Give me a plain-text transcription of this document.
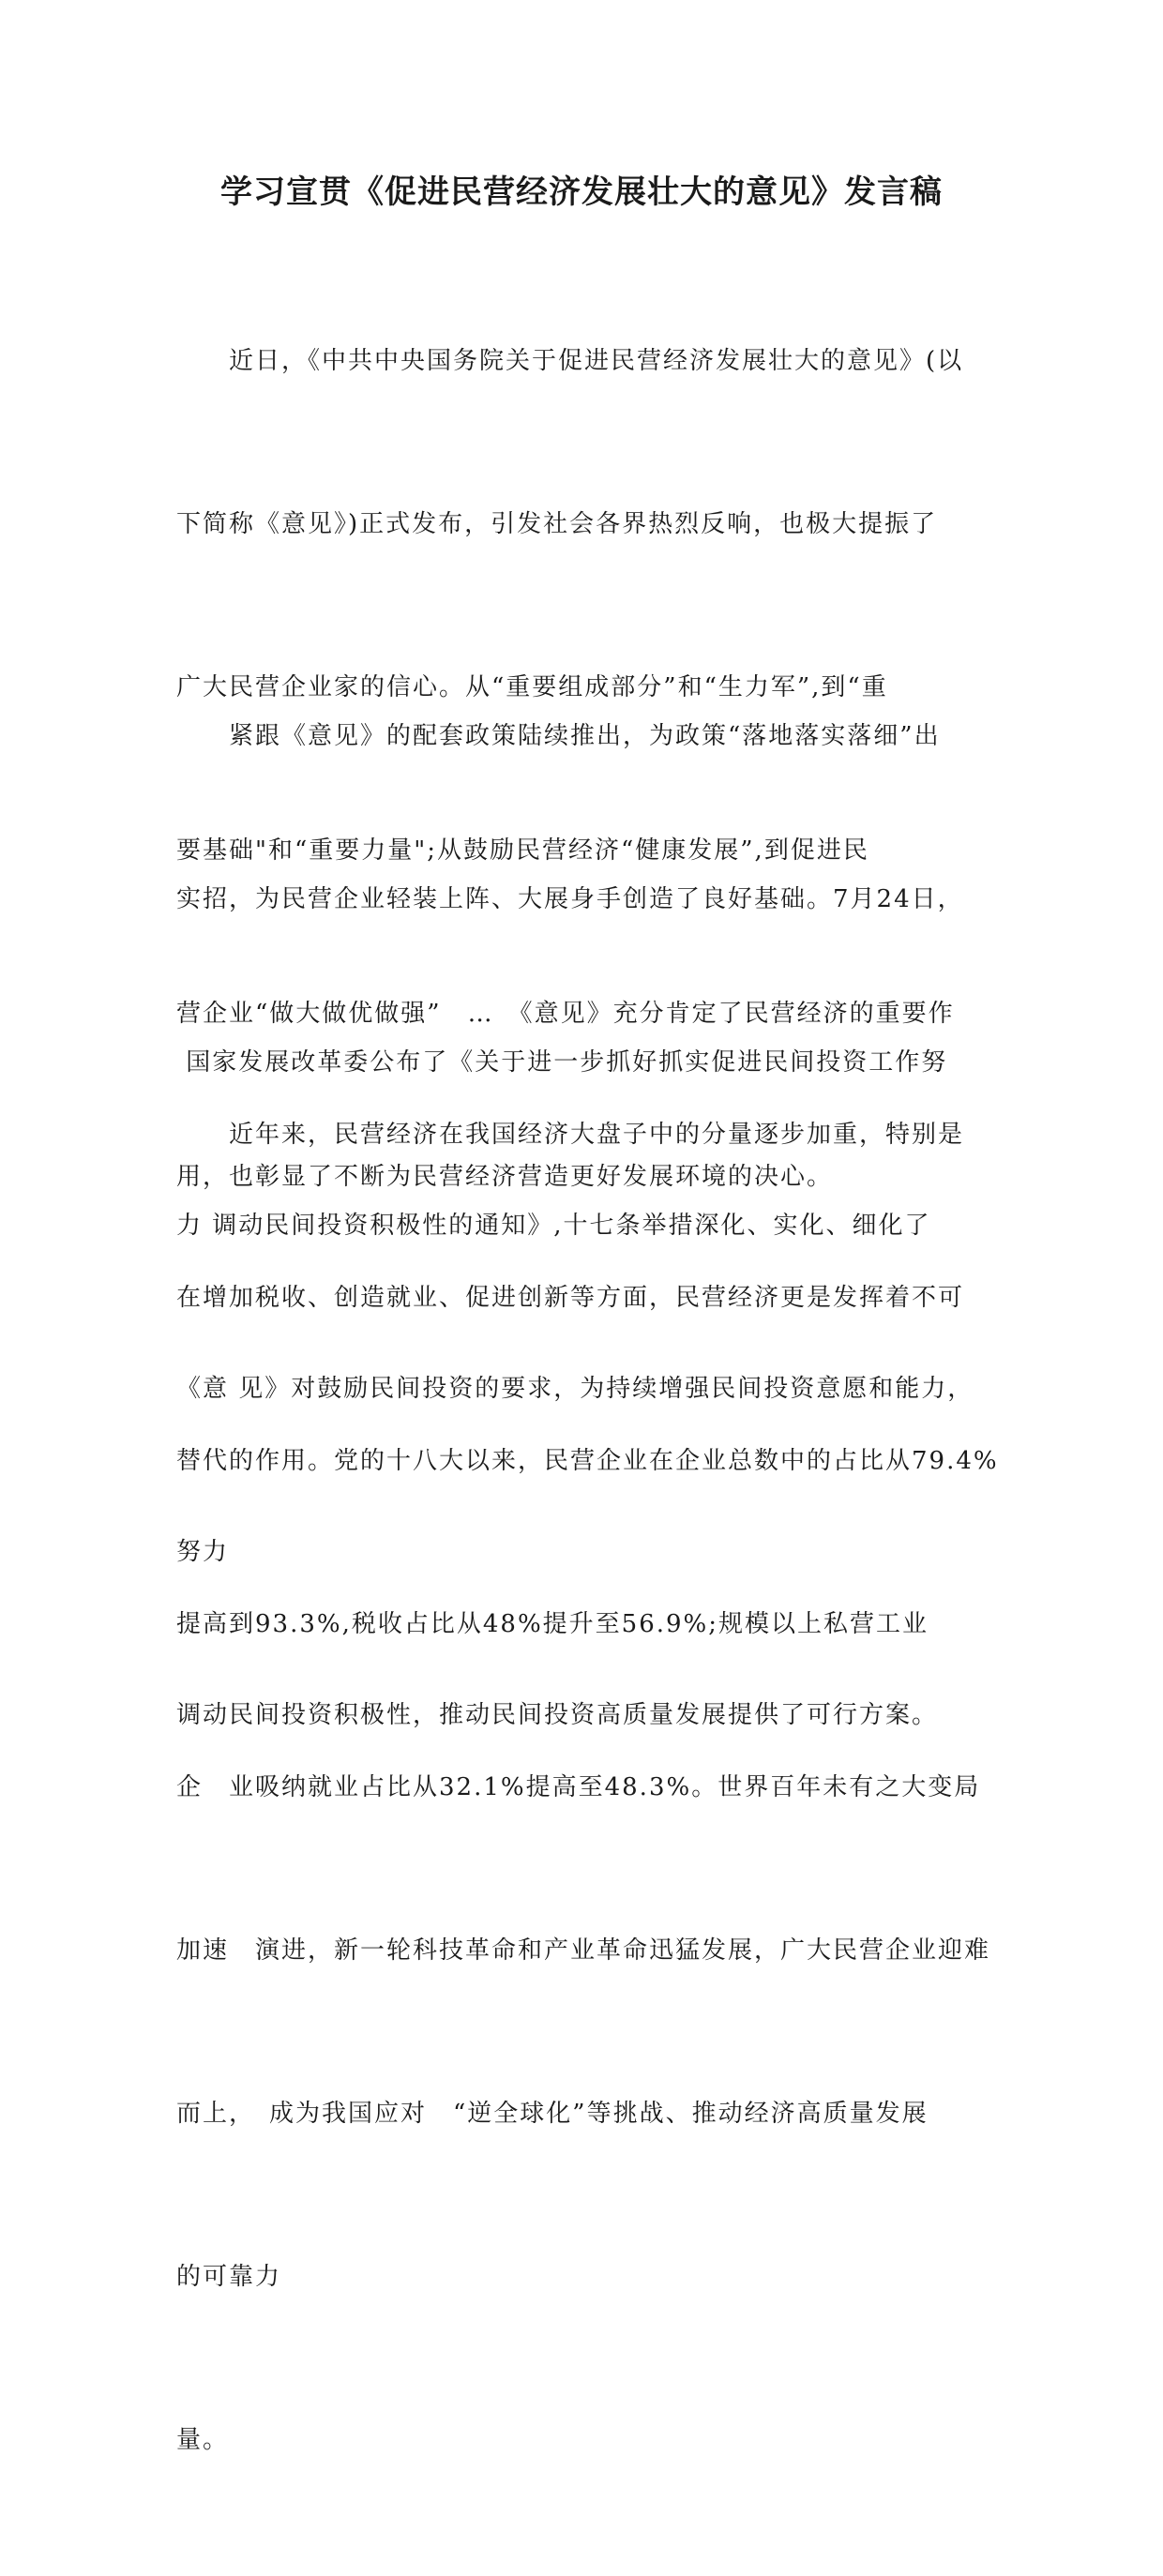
学习宣贯《促进民营经济发展壮大的意见》发言稿

　　近日，《中共中央国务院关于促进民营经济发展壮大的意见》(以

下简称《意见》)正式发布，引发社会各界热烈反响，也极大提振了

广大民营企业家的信心。从“重要组成部分”和“生力军”,到“重

要基础"和“重要力量";从鼓励民营经济“健康发展”,到促进民

营企业“做大做优做强”　…　《意见》充分肯定了民营经济的重要作

用，也彰显了不断为民营经济营造更好发展环境的决心。

　　紧跟《意见》的配套政策陆续推出，为政策“落地落实落细”出

实招，为民营企业轻装上阵、大展身手创造了良好基础。7月24日，

国家发展改革委公布了《关于进一步抓好抓实促进民间投资工作努

力 调动民间投资积极性的通知》,十七条举措深化、实化、细化了

《意 见》对鼓励民间投资的要求，为持续增强民间投资意愿和能力，

努力

调动民间投资积极性，推动民间投资高质量发展提供了可行方案。

　　近年来，民营经济在我国经济大盘子中的分量逐步加重，特别是

在增加税收、创造就业、促进创新等方面，民营经济更是发挥着不可

替代的作用。党的十八大以来，民营企业在企业总数中的占比从79.4%

提高到93.3%,税收占比从48%提升至56.9%;规模以上私营工业

企　业吸纳就业占比从32.1%提高至48.3%。世界百年未有之大变局

加速　演进，新一轮科技革命和产业革命迅猛发展，广大民营企业迎难

而上，　成为我国应对　“逆全球化”等挑战、推动经济高质量发展

的可靠力

量。
